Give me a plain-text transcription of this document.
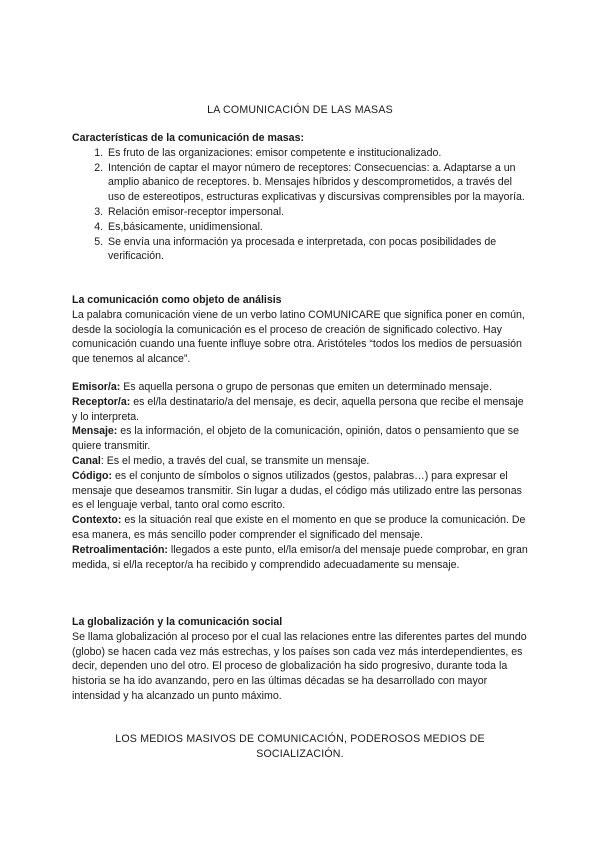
LA COMUNICACIÓN DE LAS MASAS
Características de la comunicación de masas:
1. Es fruto de las organizaciones: emisor competente e institucionalizado.
2. Intención de captar el mayor número de receptores: Consecuencias: a. Adaptarse a un amplio abanico de receptores. b. Mensajes híbridos y descomprometidos, a través del uso de estereotipos, estructuras explicativas y discursivas comprensibles por la mayoría.
3. Relación emisor-receptor impersonal.
4. Es,básicamente, unidimensional.
5. Se envía una información ya procesada e interpretada, con pocas posibilidades de verificación.
La comunicación como objeto de análisis

La palabra comunicación viene de un verbo latino COMUNICARE que significa poner en común, desde la sociología la comunicación es el proceso de creación de significado colectivo. Hay comunicación cuando una fuente influye sobre otra. Aristóteles “todos los medios de persuasión que tenemos al alcance”.

Emisor/a: Es aquella persona o grupo de personas que emiten un determinado mensaje.

Receptor/a: es el/la destinatario/a del mensaje, es decir, aquella persona que recibe el mensaje y lo interpreta.

Mensaje: es la información, el objeto de la comunicación, opinión, datos o pensamiento que se quiere transmitir.

Canal: Es el medio, a través del cual, se transmite un mensaje.

Código: es el conjunto de símbolos o signos utilizados (gestos, palabras…) para expresar el mensaje que deseamos transmitir. Sin lugar a dudas, el código más utilizado entre las personas es el lenguaje verbal, tanto oral como escrito.

Contexto: es la situación real que existe en el momento en que se produce la comunicación. De esa manera, es más sencillo poder comprender el significado del mensaje.

Retroalimentación: llegados a este punto, el/la emisor/a del mensaje puede comprobar, en gran medida, si el/la receptor/a ha recibido y comprendido adecuadamente su mensaje.

La globalización y la comunicación social

Se llama globalización al proceso por el cual las relaciones entre las diferentes partes del mundo (globo) se hacen cada vez más estrechas, y los países son cada vez más interdependientes, es decir, dependen uno del otro. El proceso de globalización ha sido progresivo, durante toda la historia se ha ido avanzando, pero en las últimas décadas se ha desarrollado con mayor intensidad y ha alcanzado un punto máximo.

LOS MEDIOS MASIVOS DE COMUNICACIÓN, PODEROSOS MEDIOS DE
SOCIALIZACIÓN.
